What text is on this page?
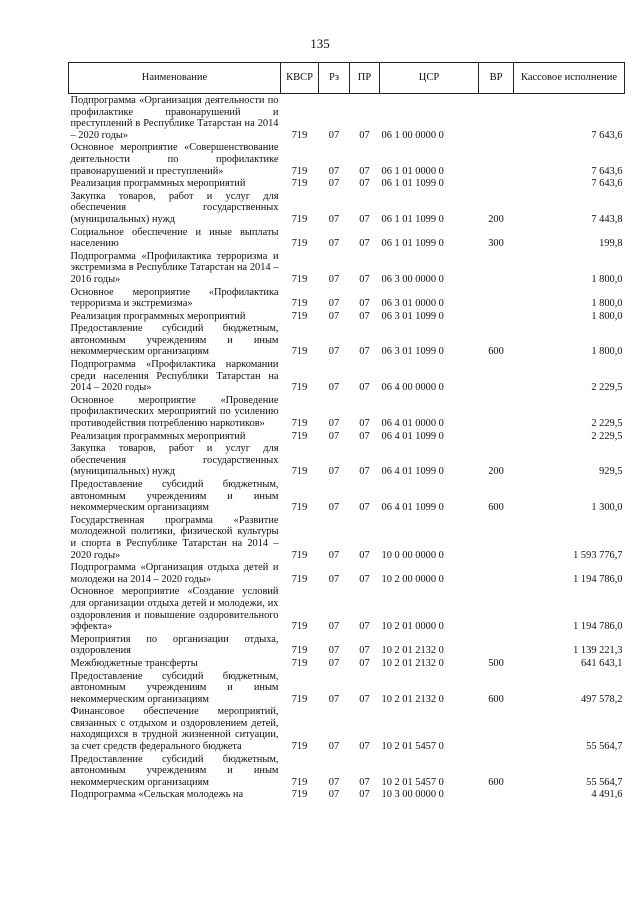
135
Наименование	КВСР	Рз	ПР	ЦСР	ВР	Кассовое исполнение
Подпрограмма «Организация деятельности по профилактике правонарушений и преступлений в Республике Татарстан на 2014 – 2020 годы»	719	07	07	06 1 00 0000 0		7 643,6
Основное мероприятие «Совершенствование деятельности по профилактике правонарушений и преступлений»	719	07	07	06 1 01 0000 0		7 643,6
Реализация программных мероприятий	719	07	07	06 1 01 1099 0		7 643,6
Закупка товаров, работ и услуг для обеспечения государственных (муниципальных) нужд	719	07	07	06 1 01 1099 0	200	7 443,8
Социальное обеспечение и иные выплаты населению	719	07	07	06 1 01 1099 0	300	199,8
Подпрограмма «Профилактика терроризма и экстремизма в Республике Татарстан на 2014 – 2016 годы»	719	07	07	06 3 00 0000 0		1 800,0
Основное мероприятие «Профилактика терроризма и экстремизма»	719	07	07	06 3 01 0000 0		1 800,0
Реализация программных мероприятий	719	07	07	06 3 01 1099 0		1 800,0
Предоставление субсидий бюджетным, автономным учреждениям и иным некоммерческим организациям	719	07	07	06 3 01 1099 0	600	1 800,0
Подпрограмма «Профилактика наркомании среди населения Республики Татарстан на 2014 – 2020 годы»	719	07	07	06 4 00 0000 0		2 229,5
Основное мероприятие «Проведение профилактических мероприятий по усилению противодействия потреблению наркотиков»	719	07	07	06 4 01 0000 0		2 229,5
Реализация программных мероприятий	719	07	07	06 4 01 1099 0		2 229,5
Закупка товаров, работ и услуг для обеспечения государственных (муниципальных) нужд	719	07	07	06 4 01 1099 0	200	929,5
Предоставление субсидий бюджетным, автономным учреждениям и иным некоммерческим организациям	719	07	07	06 4 01 1099 0	600	1 300,0
Государственная программа «Развитие молодежной политики, физической культуры и спорта в Республике Татарстан на 2014 – 2020 годы»	719	07	07	10 0 00 0000 0		1 593 776,7
Подпрограмма «Организация отдыха детей и молодежи на 2014 – 2020 годы»	719	07	07	10 2 00 0000 0		1 194 786,0
Основное мероприятие «Создание условий для организации отдыха детей и молодежи, их оздоровления и повышение оздоровительного эффекта»	719	07	07	10 2 01 0000 0		1 194 786,0
Мероприятия по организации отдыха, оздоровления	719	07	07	10 2 01 2132 0		1 139 221,3
Межбюджетные трансферты	719	07	07	10 2 01 2132 0	500	641 643,1
Предоставление субсидий бюджетным, автономным учреждениям и иным некоммерческим организациям	719	07	07	10 2 01 2132 0	600	497 578,2
Финансовое обеспечение мероприятий, связанных с отдыхом и оздоровлением детей, находящихся в трудной жизненной ситуации, за счет средств федерального бюджета	719	07	07	10 2 01 5457 0		55 564,7
Предоставление субсидий бюджетным, автономным учреждениям и иным некоммерческим организациям	719	07	07	10 2 01 5457 0	600	55 564,7
Подпрограмма «Сельская молодежь на	719	07	07	10 3 00 0000 0		4 491,6
